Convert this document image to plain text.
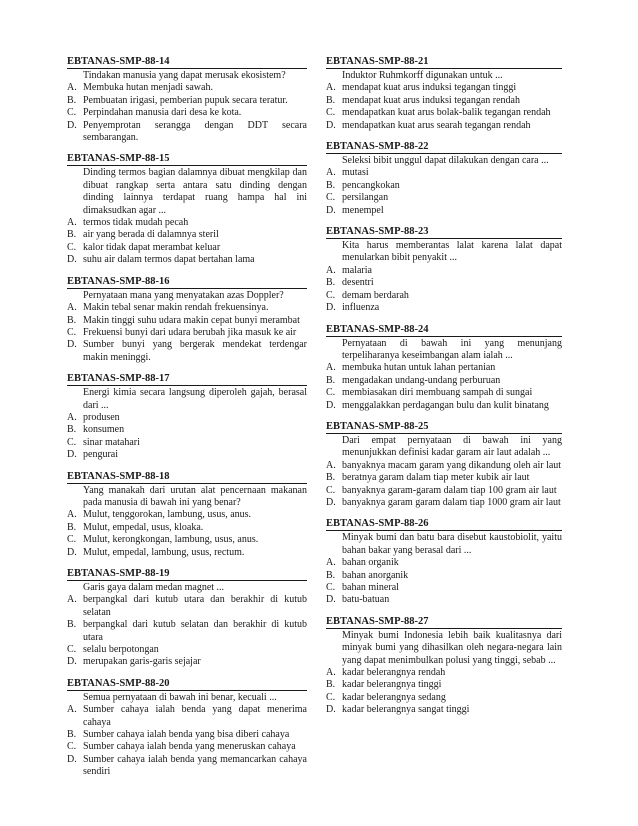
EBTANAS-SMP-88-14
Tindakan manusia yang dapat merusak ekosistem?
A. Membuka hutan menjadi sawah.
B. Pembuatan irigasi, pemberian pupuk secara teratur.
C. Perpindahan manusia dari desa ke kota.
D. Penyemprotan serangga dengan DDT secara sembarangan.
EBTANAS-SMP-88-15
Dinding termos bagian dalamnya dibuat mengkilap dan dibuat rangkap serta antara satu dinding dengan dinding lainnya terdapat ruang hampa hal ini dimaksudkan agar ...
A. termos tidak mudah pecah
B. air yang berada di dalamnya steril
C. kalor tidak dapat merambat keluar
D. suhu air dalam termos dapat bertahan lama
EBTANAS-SMP-88-16
Pernyataan mana yang menyatakan azas Doppler?
A. Makin tebal senar makin rendah frekuensinya.
B. Makin tinggi suhu udara makin cepat bunyi merambat
C. Frekuensi bunyi dari udara berubah jika masuk ke air
D. Sumber bunyi yang bergerak mendekat terdengar makin meninggi.
EBTANAS-SMP-88-17
Energi kimia secara langsung diperoleh gajah, berasal dari ...
A. produsen
B. konsumen
C. sinar matahari
D. pengurai
EBTANAS-SMP-88-18
Yang manakah dari urutan alat pencernaan makanan pada manusia di bawah ini yang benar?
A. Mulut, tenggorokan, lambung, usus, anus.
B. Mulut, empedal, usus, kloaka.
C. Mulut, kerongkongan, lambung, usus, anus.
D. Mulut, empedal, lambung, usus, rectum.
EBTANAS-SMP-88-19
Garis gaya dalam medan magnet ...
A. berpangkal dari kutub utara dan berakhir di kutub selatan
B. berpangkal dari kutub selatan dan berakhir di kutub utara
C. selalu berpotongan
D. merupakan garis-garis sejajar
EBTANAS-SMP-88-20
Semua pernyataan di bawah ini benar, kecuali ...
A. Sumber cahaya ialah benda yang dapat menerima cahaya
B. Sumber cahaya ialah benda yang bisa diberi cahaya
C. Sumber cahaya ialah benda yang meneruskan cahaya
D. Sumber cahaya ialah benda yang memancarkan cahaya sendiri
EBTANAS-SMP-88-21
Induktor Ruhmkorff digunakan untuk ...
A. mendapat kuat arus induksi tegangan tinggi
B. mendapat kuat arus induksi tegangan rendah
C. mendapatkan kuat arus bolak-balik tegangan rendah
D. mendapatkan kuat arus searah tegangan rendah
EBTANAS-SMP-88-22
Seleksi bibit unggul dapat dilakukan dengan cara ...
A. mutasi
B. pencangkokan
C. persilangan
D. menempel
EBTANAS-SMP-88-23
Kita harus memberantas lalat karena lalat dapat menularkan bibit penyakit ...
A. malaria
B. desentri
C. demam berdarah
D. influenza
EBTANAS-SMP-88-24
Pernyataan di bawah ini yang menunjang terpeliharanya keseimbangan alam ialah ...
A. membuka hutan untuk lahan pertanian
B. mengadakan undang-undang perburuan
C. membiasakan diri membuang sampah di sungai
D. menggalakkan perdagangan bulu dan kulit binatang
EBTANAS-SMP-88-25
Dari empat pernyataan di bawah ini yang menunjukkan definisi kadar garam air laut adalah ...
A. banyaknya macam garam yang dikandung oleh air laut
B. beratnya garam dalam tiap meter kubik air laut
C. banyaknya garam-garam dalam tiap 100 gram air laut
D. banyaknya garam garam dalam tiap 1000 gram air laut
EBTANAS-SMP-88-26
Minyak bumi dan batu bara disebut kaustobiolit, yaitu bahan bakar yang berasal dari ...
A. bahan organik
B. bahan anorganik
C. bahan mineral
D. batu-batuan
EBTANAS-SMP-88-27
Minyak bumi Indonesia lebih baik kualitasnya dari minyak bumi yang dihasilkan oleh negara-negara lain yang dapat menimbulkan polusi yang tinggi, sebab ...
A. kadar belerangnya rendah
B. kadar belerangnya tinggi
C. kadar belerangnya sedang
D. kadar belerangnya sangat tinggi
